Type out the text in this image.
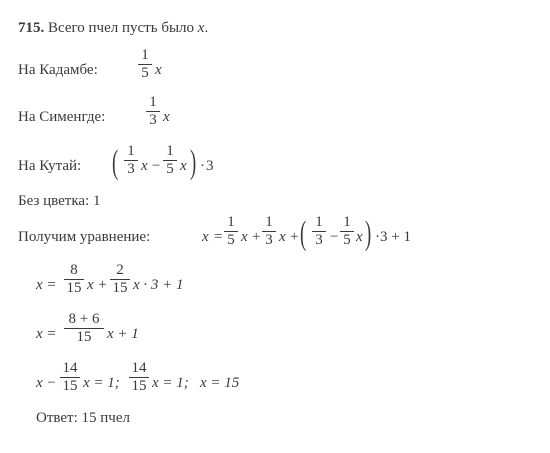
715. Всего пчел пусть было x.
На Кадамбе:
1
5 x
На Сименгде:
1
3 x
На Кутай: ( 1
3 x −
1
5 x ) · 3
Без цветка: 1
Получим уравнение:	x =
1
5 x +
1
3 x + ( 1
3 −
1
5 x ) ·3 + 1
x =
8
15 x +
2
15 x · 3 + 1
x =
8 + 6
15	x + 1
x −
14
15 x = 1;
14
15 x = 1; x = 15
Ответ: 15 пчел
